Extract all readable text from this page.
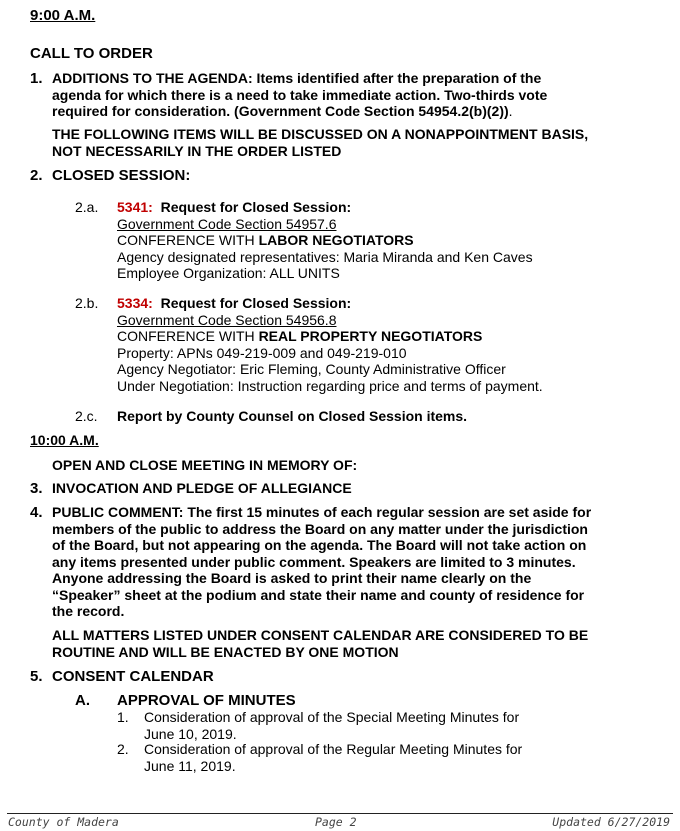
9:00 A.M.
CALL TO ORDER
1. ADDITIONS TO THE AGENDA: Items identified after the preparation of the
agenda for which there is a need to take immediate action. Two-thirds vote
required for consideration. (Government Code Section 54954.2(b)(2)).
THE FOLLOWING ITEMS WILL BE DISCUSSED ON A NONAPPOINTMENT BASIS,
NOT NECESSARILY IN THE ORDER LISTED
2. CLOSED SESSION:
2.a. 5341: Request for Closed Session:
Government Code Section 54957.6
CONFERENCE WITH LABOR NEGOTIATORS
Agency designated representatives: Maria Miranda and Ken Caves
Employee Organization: ALL UNITS
2.b. 5334: Request for Closed Session:
Government Code Section 54956.8
CONFERENCE WITH REAL PROPERTY NEGOTIATORS
Property: APNs 049-219-009 and 049-219-010
Agency Negotiator: Eric Fleming, County Administrative Officer
Under Negotiation: Instruction regarding price and terms of payment.
2.c. Report by County Counsel on Closed Session items.
10:00 A.M.
OPEN AND CLOSE MEETING IN MEMORY OF:
3. INVOCATION AND PLEDGE OF ALLEGIANCE
4. PUBLIC COMMENT: The first 15 minutes of each regular session are set aside for
members of the public to address the Board on any matter under the jurisdiction
of the Board, but not appearing on the agenda. The Board will not take action on
any items presented under public comment. Speakers are limited to 3 minutes.
Anyone addressing the Board is asked to print their name clearly on the
“Speaker” sheet at the podium and state their name and county of residence for
the record.
ALL MATTERS LISTED UNDER CONSENT CALENDAR ARE CONSIDERED TO BE
ROUTINE AND WILL BE ENACTED BY ONE MOTION
5. CONSENT CALENDAR
A. APPROVAL OF MINUTES
1. Consideration of approval of the Special Meeting Minutes for
June 10, 2019.
2. Consideration of approval of the Regular Meeting Minutes for
June 11, 2019.
County of Madera	Page 2	Updated 6/27/2019
